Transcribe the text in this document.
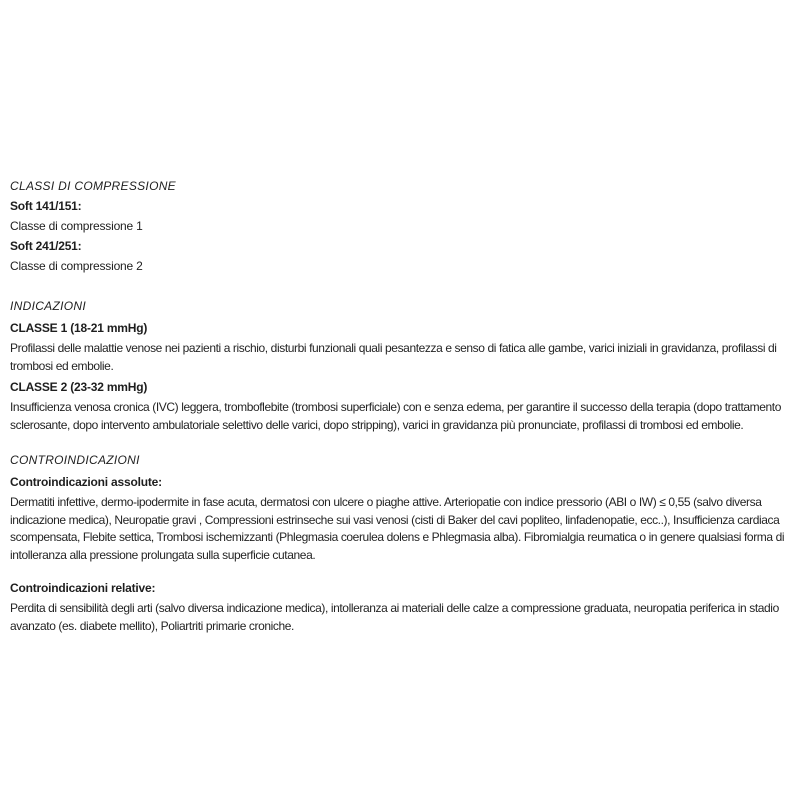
CLASSI DI COMPRESSIONE

Soft 141/151:

Classe di compressione 1

Soft 241/251:

Classe di compressione 2

INDICAZIONI
CLASSE 1 (18-21 mmHg)

Profilassi delle malattie venose nei pazienti a rischio, disturbi funzionali quali pesantezza e senso di fatica alle gambe, varici iniziali in gravidanza, profilassi di trombosi ed embolie.

CLASSE 2 (23-32 mmHg)

Insufficienza venosa cronica (IVC) leggera, tromboflebite (trombosi superficiale) con e senza edema, per garantire il successo della terapia (dopo trattamento sclerosante, dopo intervento ambulatoriale selettivo delle varici, dopo stripping), varici in gravidanza più pronunciate, profilassi di trombosi ed embolie.

CONTROINDICAZIONI
Controindicazioni assolute:

Dermatiti infettive, dermo-ipodermite in fase acuta, dermatosi con ulcere o piaghe attive. Arteriopatie con indice pressorio (ABI o IW) ≤ 0,55 (salvo diversa indicazione medica), Neuropatie gravi , Compressioni estrinseche sui vasi venosi (cisti di Baker del cavi popliteo, linfadenopatie, ecc..), Insufficienza cardiaca scompensata, Flebite settica, Trombosi ischemizzanti (Phlegmasia coerulea dolens e Phlegmasia alba). Fibromialgia reumatica o in genere qualsiasi forma di intolleranza alla pressione prolungata sulla superficie cutanea.

Controindicazioni relative:

Perdita di sensibilità degli arti (salvo diversa indicazione medica), intolleranza ai materiali delle calze a compressione graduata, neuropatia periferica in stadio avanzato (es. diabete mellito), Poliartriti primarie croniche.
